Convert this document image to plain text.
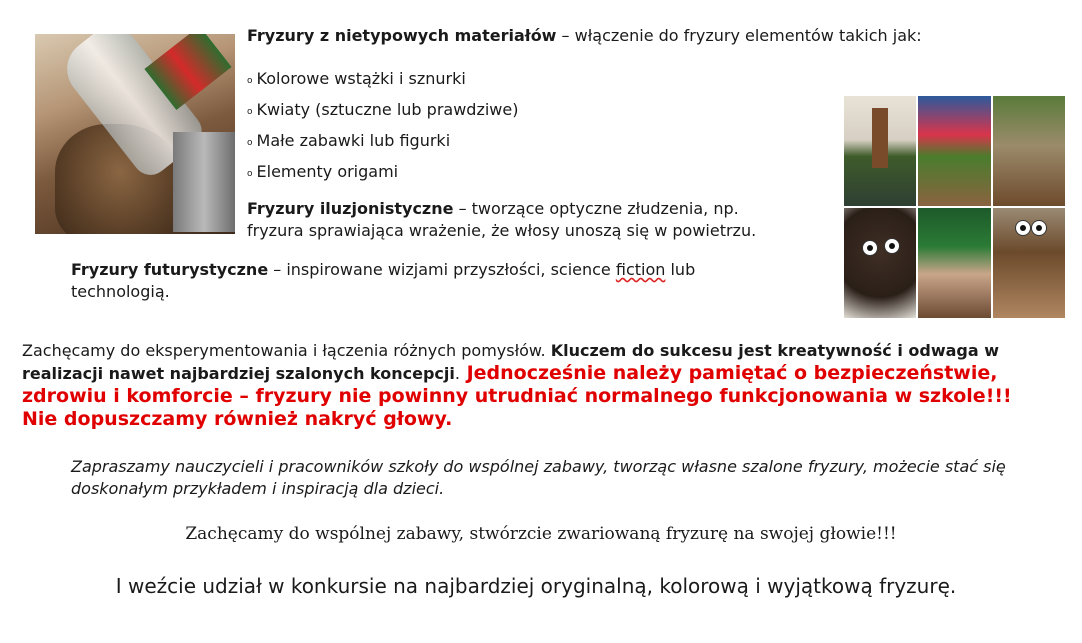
Fryzury z nietypowych materiałów – włączenie do fryzury elementów takich jak:

o Kolorowe wstążki i sznurki
o Kwiaty (sztuczne lub prawdziwe)
o Małe zabawki lub figurki
o Elementy origami

Fryzury iluzjonistyczne – tworzące optyczne złudzenia, np.
fryzura sprawiająca wrażenie, że włosy unoszą się w powietrzu.

Fryzury futurystyczne – inspirowane wizjami przyszłości, science fiction lub
technologią.

Zachęcamy do eksperymentowania i łączenia różnych pomysłów. Kluczem do sukcesu jest kreatywność i odwaga w realizacji nawet najbardziej szalonych koncepcji. Jednocześnie należy pamiętać o bezpieczeństwie, zdrowiu i komforcie – fryzury nie powinny utrudniać normalnego funkcjonowania w szkole!!! Nie dopuszczamy również nakryć głowy.

Zapraszamy nauczycieli i pracowników szkoły do wspólnej zabawy, tworząc własne szalone fryzury, możecie stać się doskonałym przykładem i inspiracją dla dzieci.

Zachęcamy do wspólnej zabawy, stwórzcie zwariowaną fryzurę na swojej głowie!!!

I weźcie udział w konkursie na najbardziej oryginalną, kolorową i wyjątkową fryzurę.
